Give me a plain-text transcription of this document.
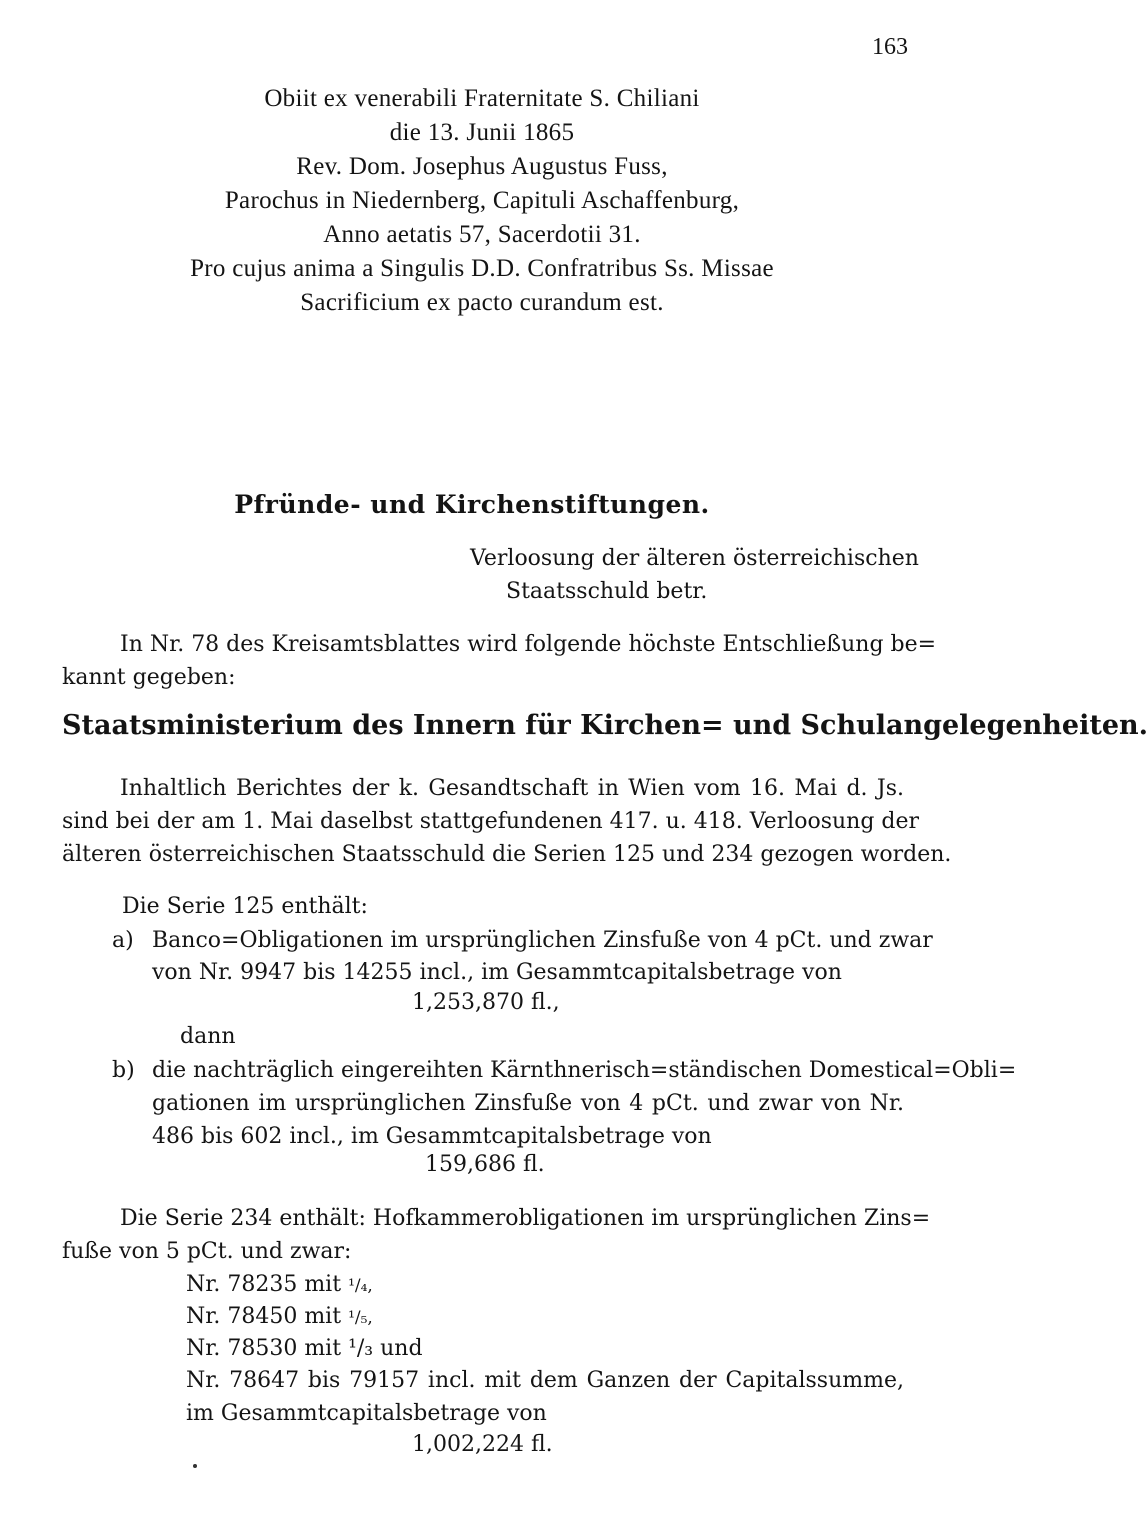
163
Obiit ex venerabili Fraternitate S. Chiliani
die 13. Junii 1865
Rev. Dom. Josephus Augustus Fuss,
Parochus in Niedernberg, Capituli Aschaffenburg,
Anno aetatis 57, Sacerdotii 31.
Pro cujus anima a Singulis D.D. Confratribus Ss. Missae
Sacrificium ex pacto curandum est.
Pfründe- und Kirchenstiftungen.
Verloosung der älteren österreichischen
Staatsschuld betr.
In Nr. 78 des Kreisamtsblattes wird folgende höchste Entschließung be=
kannt gegeben:
Staatsministerium des Innern für Kirchen= und Schulangelegenheiten.
Inhaltlich Berichtes der k. Gesandtschaft in Wien vom 16. Mai d. Js.
sind bei der am 1. Mai daselbst stattgefundenen 417. u. 418. Verloosung der
älteren österreichischen Staatsschuld die Serien 125 und 234 gezogen worden.
Die Serie 125 enthält:
a) Banco=Obligationen im ursprünglichen Zinsfuße von 4 pCt. und zwar
von Nr. 9947 bis 14255 incl., im Gesammtcapitalsbetrage von
1,253,870 fl.,
dann
b) die nachträglich eingereihten Kärnthnerisch=ständischen Domestical=Obli=
gationen im ursprünglichen Zinsfuße von 4 pCt. und zwar von Nr.
486 bis 602 incl., im Gesammtcapitalsbetrage von
159,686 fl.
Die Serie 234 enthält: Hofkammerobligationen im ursprünglichen Zins=
fuße von 5 pCt. und zwar:
Nr. 78235 mit ¹/₄,
Nr. 78450 mit ¹/₅,
Nr. 78530 mit ¹/₃ und
Nr. 78647 bis 79157 incl. mit dem Ganzen der Capitalssumme,
im Gesammtcapitalsbetrage von
1,002,224 fl.
